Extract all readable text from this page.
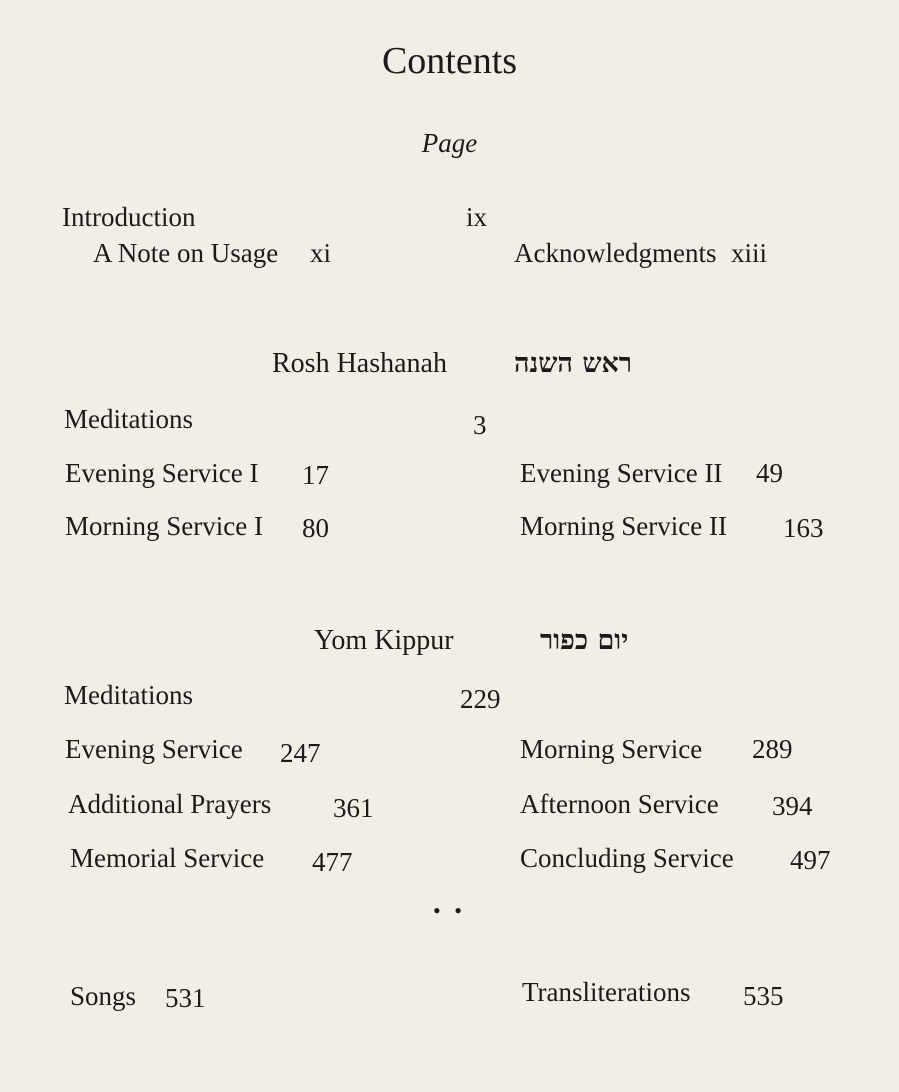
Contents
Page
Introduction	ix
A Note on Usage xi	Acknowledgments xiii
Rosh Hashanah ראש השנה
Meditations	3
Evening Service I 17	Evening Service II 49
Morning Service I 80	Morning Service II 163
Yom Kippur	יום כפור
Meditations	229
Evening Service 247	Morning Service 289
Additional Prayers 361	Afternoon Service 394
Memorial Service 477	Concluding Service 497
• •
Songs 531	Transliterations 535
